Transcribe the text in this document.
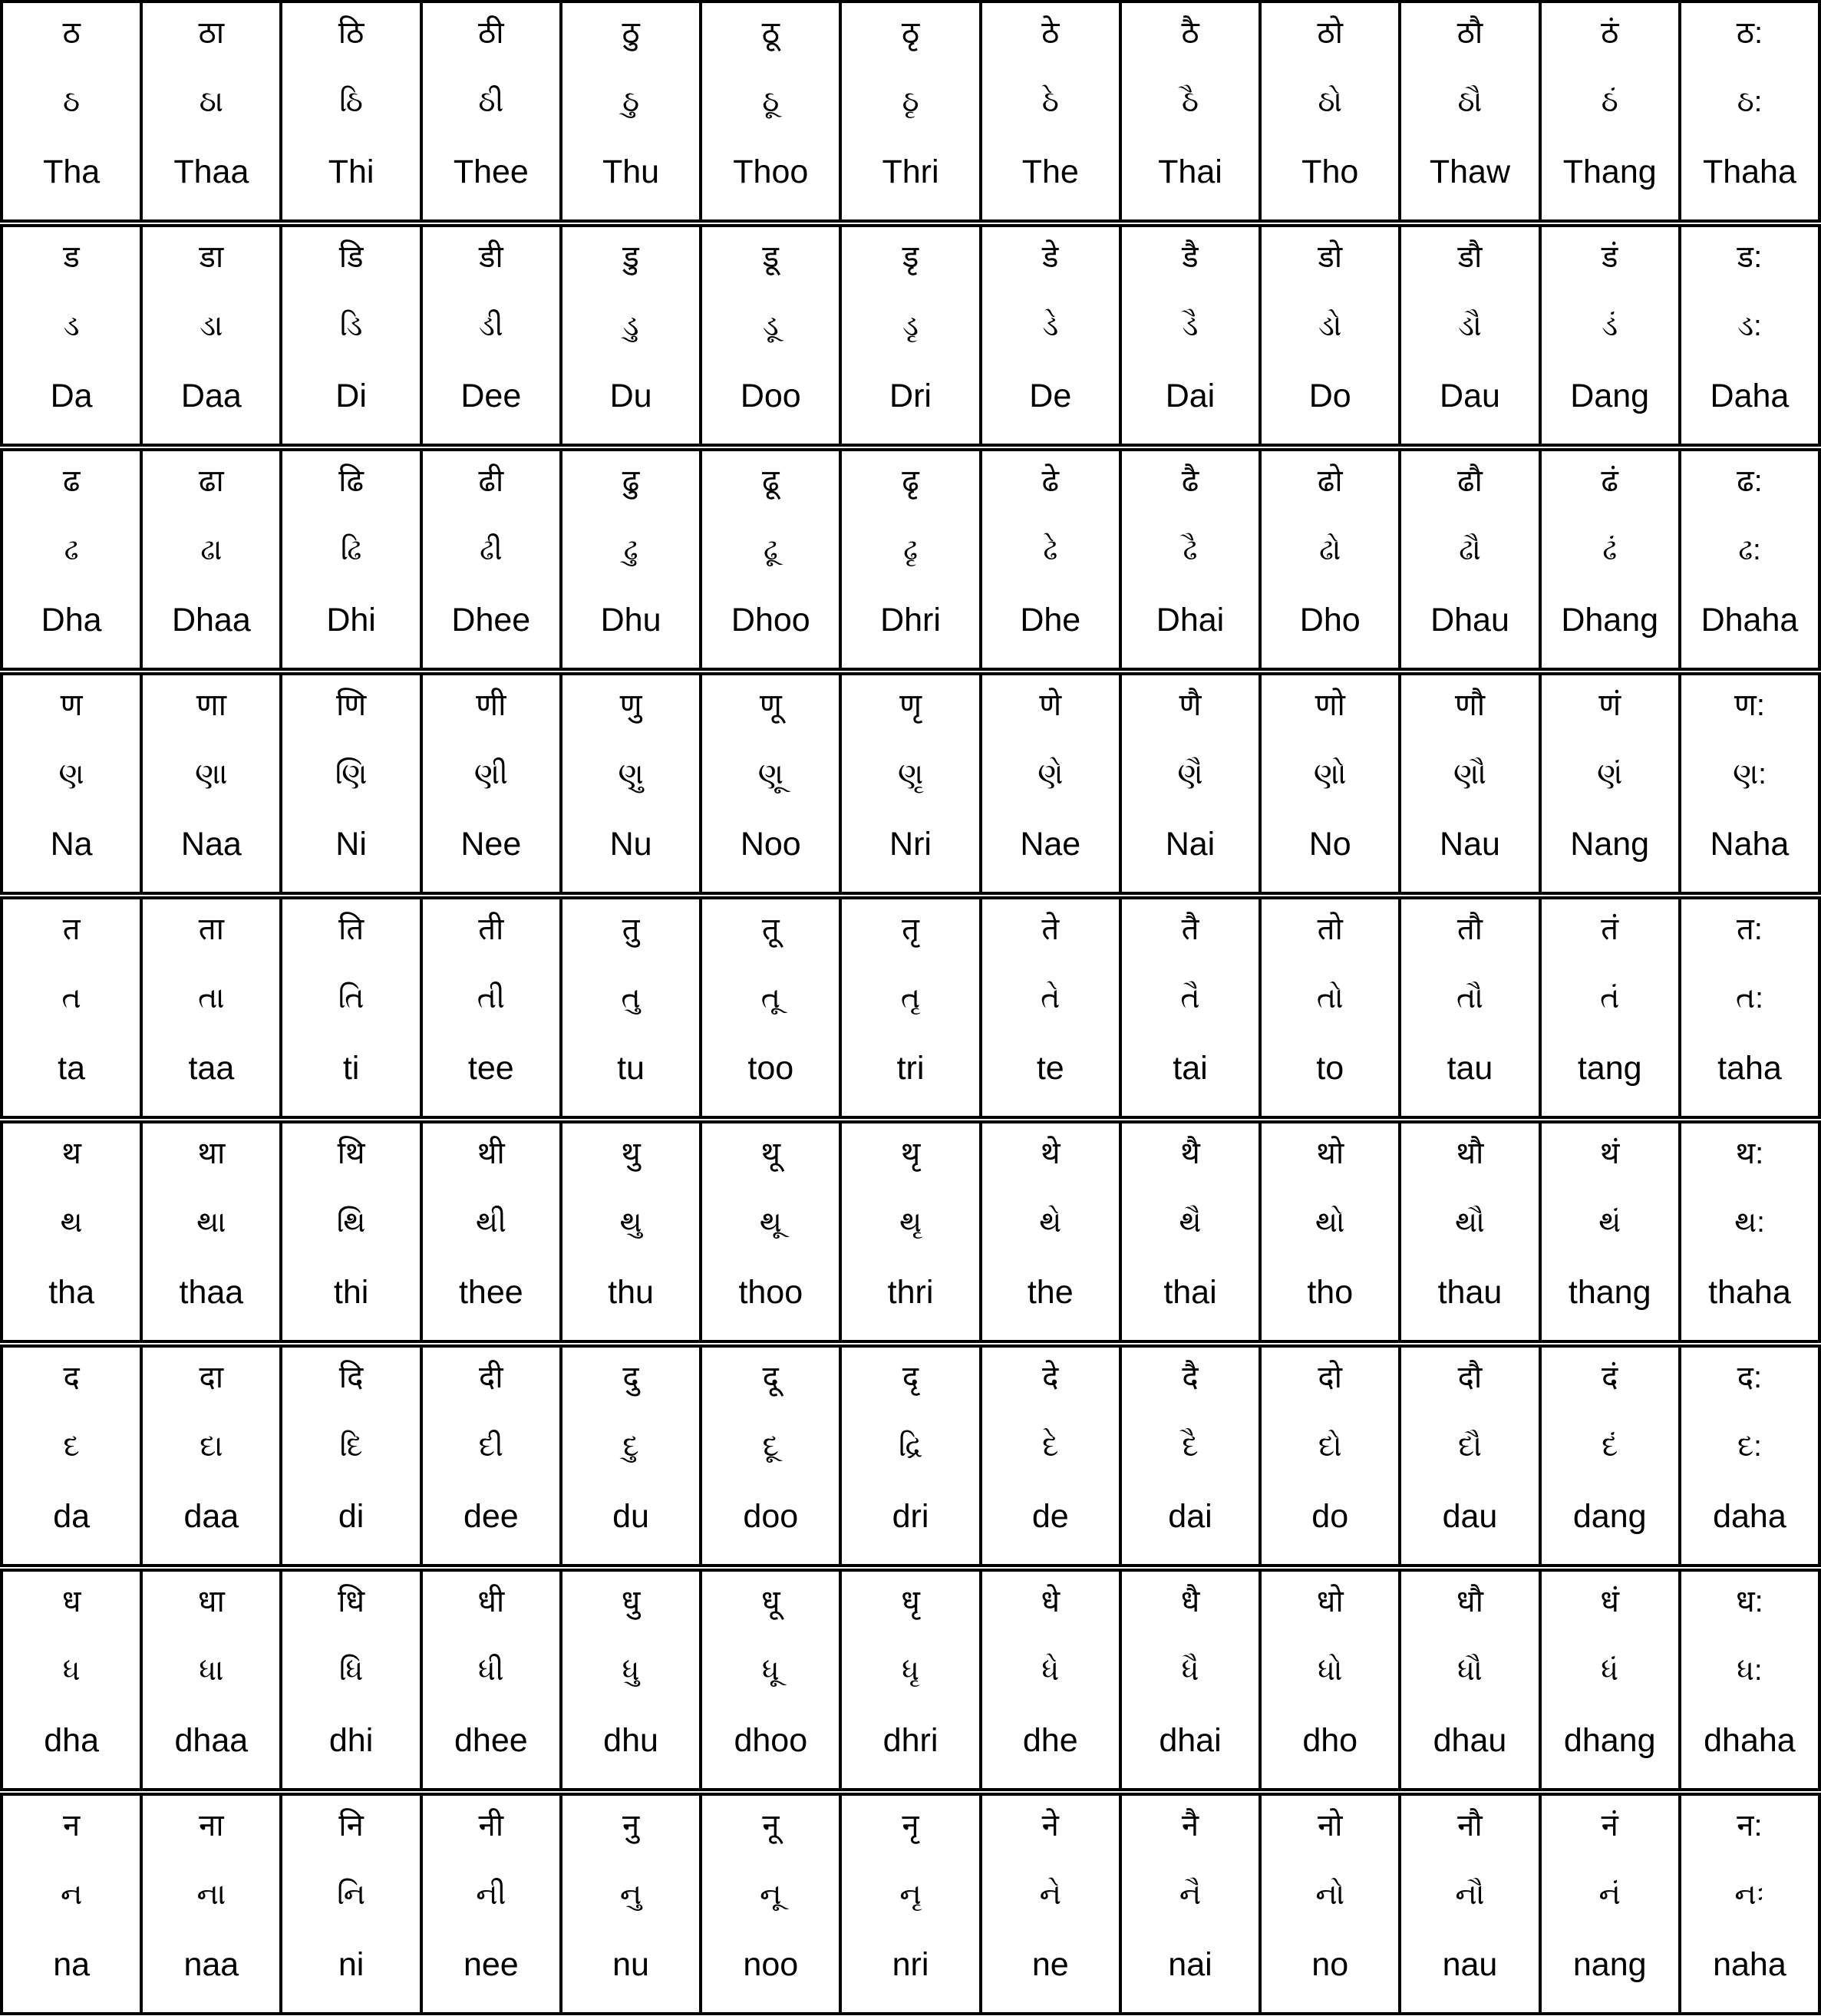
ठ
ઠ
Tha
ठा
ઠા
Thaa
ठि
ઠિ
Thi
ठी
ઠી
Thee
ठु
ઠુ
Thu
ठू
ઠૂ
Thoo
ठृ
ઠૃ
Thri
ठे
ઠે
The
ठै
ઠૈ
Thai
ठो
ઠો
Tho
ठौ
ઠૌ
Thaw
ठं
ઠં
Thang
ठ:
ઠ:
Thaha
ड
ડ
Da
डा
ડા
Daa
डि
ડિ
Di
डी
ડી
Dee
डु
ડુ
Du
डू
ડૂ
Doo
डृ
ડૃ
Dri
डे
ડે
De
डै
ડૈ
Dai
डो
ડો
Do
डौ
ડૌ
Dau
डं
ડં
Dang
ड:
ડ:
Daha
ढ
ઢ
Dha
ढा
ઢા
Dhaa
ढि
ઢિ
Dhi
ढी
ઢી
Dhee
ढु
ઢુ
Dhu
ढू
ઢૂ
Dhoo
ढृ
ઢૃ
Dhri
ढे
ઢે
Dhe
ढै
ઢૈ
Dhai
ढो
ઢો
Dho
ढौ
ઢૌ
Dhau
ढं
ઢં
Dhang
ढ:
ઢ:
Dhaha
ण
ણ
Na
णा
ણા
Naa
णि
ણિ
Ni
णी
ણી
Nee
णु
ણુ
Nu
णू
ણૂ
Noo
णृ
ણૃ
Nri
णे
ણે
Nae
णै
ણૈ
Nai
णो
ણો
No
णौ
ણૌ
Nau
णं
ણં
Nang
ण:
ણ:
Naha
त
ત
ta
ता
તા
taa
ति
તિ
ti
ती
તી
tee
तु
તુ
tu
तू
તૂ
too
तृ
તૃ
tri
ते
તે
te
तै
તૈ
tai
तो
તો
to
तौ
તૌ
tau
तं
તં
tang
त:
ત:
taha
थ
થ
tha
था
થા
thaa
थि
થિ
thi
थी
થી
thee
थु
થુ
thu
थू
થૂ
thoo
थृ
થૃ
thri
थे
થે
the
थै
થૈ
thai
थो
થો
tho
थौ
થૌ
thau
थं
થં
thang
थ:
થ:
thaha
द
દ
da
दा
દા
daa
दि
દિ
di
दी
દી
dee
दु
દુ
du
दू
દૂ
doo
दृ
દ્રિ
dri
दे
દે
de
दै
દૈ
dai
दो
દો
do
दौ
દૌ
dau
दं
દં
dang
द:
દ:
daha
ध
ધ
dha
धा
ધા
dhaa
धि
ધિ
dhi
धी
ધી
dhee
धु
ધુ
dhu
धू
ધૂ
dhoo
धृ
ધૃ
dhri
धे
ધે
dhe
धै
ધૈ
dhai
धो
ધો
dho
धौ
ધૌ
dhau
धं
ધં
dhang
ध:
ધ:
dhaha
न
ન
na
ना
ના
naa
नि
નિ
ni
नी
ની
nee
नु
નુ
nu
नू
નૂ
noo
नृ
નૃ
nri
ने
ને
ne
नै
નૈ
nai
नो
નો
no
नौ
નૌ
nau
नं
નં
nang
न:
નઃ
naha
